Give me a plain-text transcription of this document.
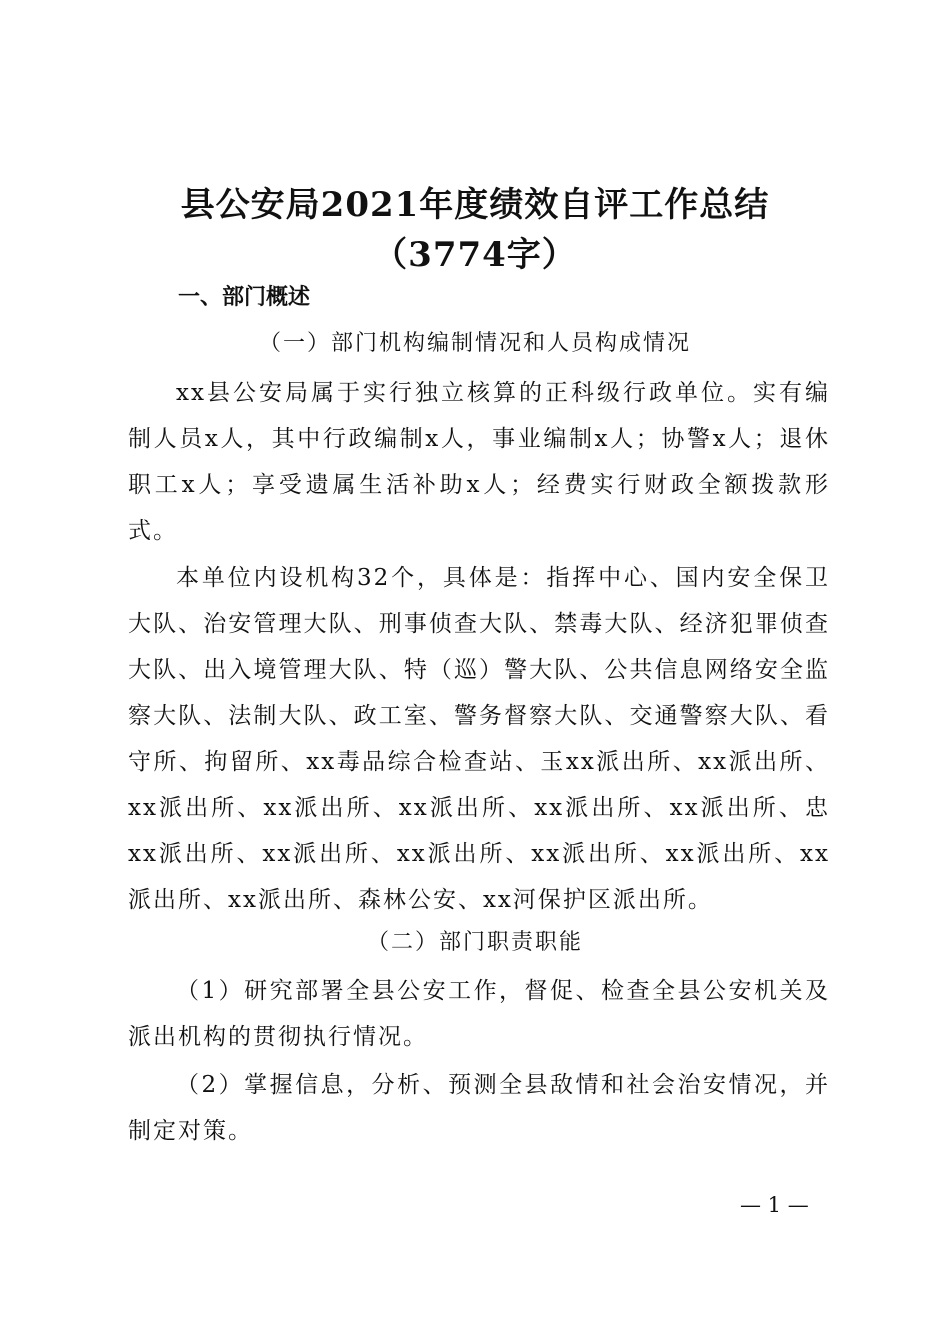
县公安局2021年度绩效自评工作总结（3774字）
一、部门概述
（一）部门机构编制情况和人员构成情况
xx县公安局属于实行独立核算的正科级行政单位。实有编制人员x人，其中行政编制x人，事业编制x人；协警x人；退休职工x人；享受遗属生活补助x人；经费实行财政全额拨款形式。
本单位内设机构32个，具体是：指挥中心、国内安全保卫大队、治安管理大队、刑事侦查大队、禁毒大队、经济犯罪侦查大队、出入境管理大队、特（巡）警大队、公共信息网络安全监察大队、法制大队、政工室、警务督察大队、交通警察大队、看守所、拘留所、xx毒品综合检查站、玉xx派出所、xx派出所、xx派出所、xx派出所、xx派出所、xx派出所、xx派出所、忠xx派出所、xx派出所、xx派出所、xx派出所、xx派出所、xx派出所、xx派出所、森林公安、xx河保护区派出所。
（二）部门职责职能
（1）研究部署全县公安工作，督促、检查全县公安机关及派出机构的贯彻执行情况。
（2）掌握信息，分析、预测全县敌情和社会治安情况，并制定对策。
— 1 —
